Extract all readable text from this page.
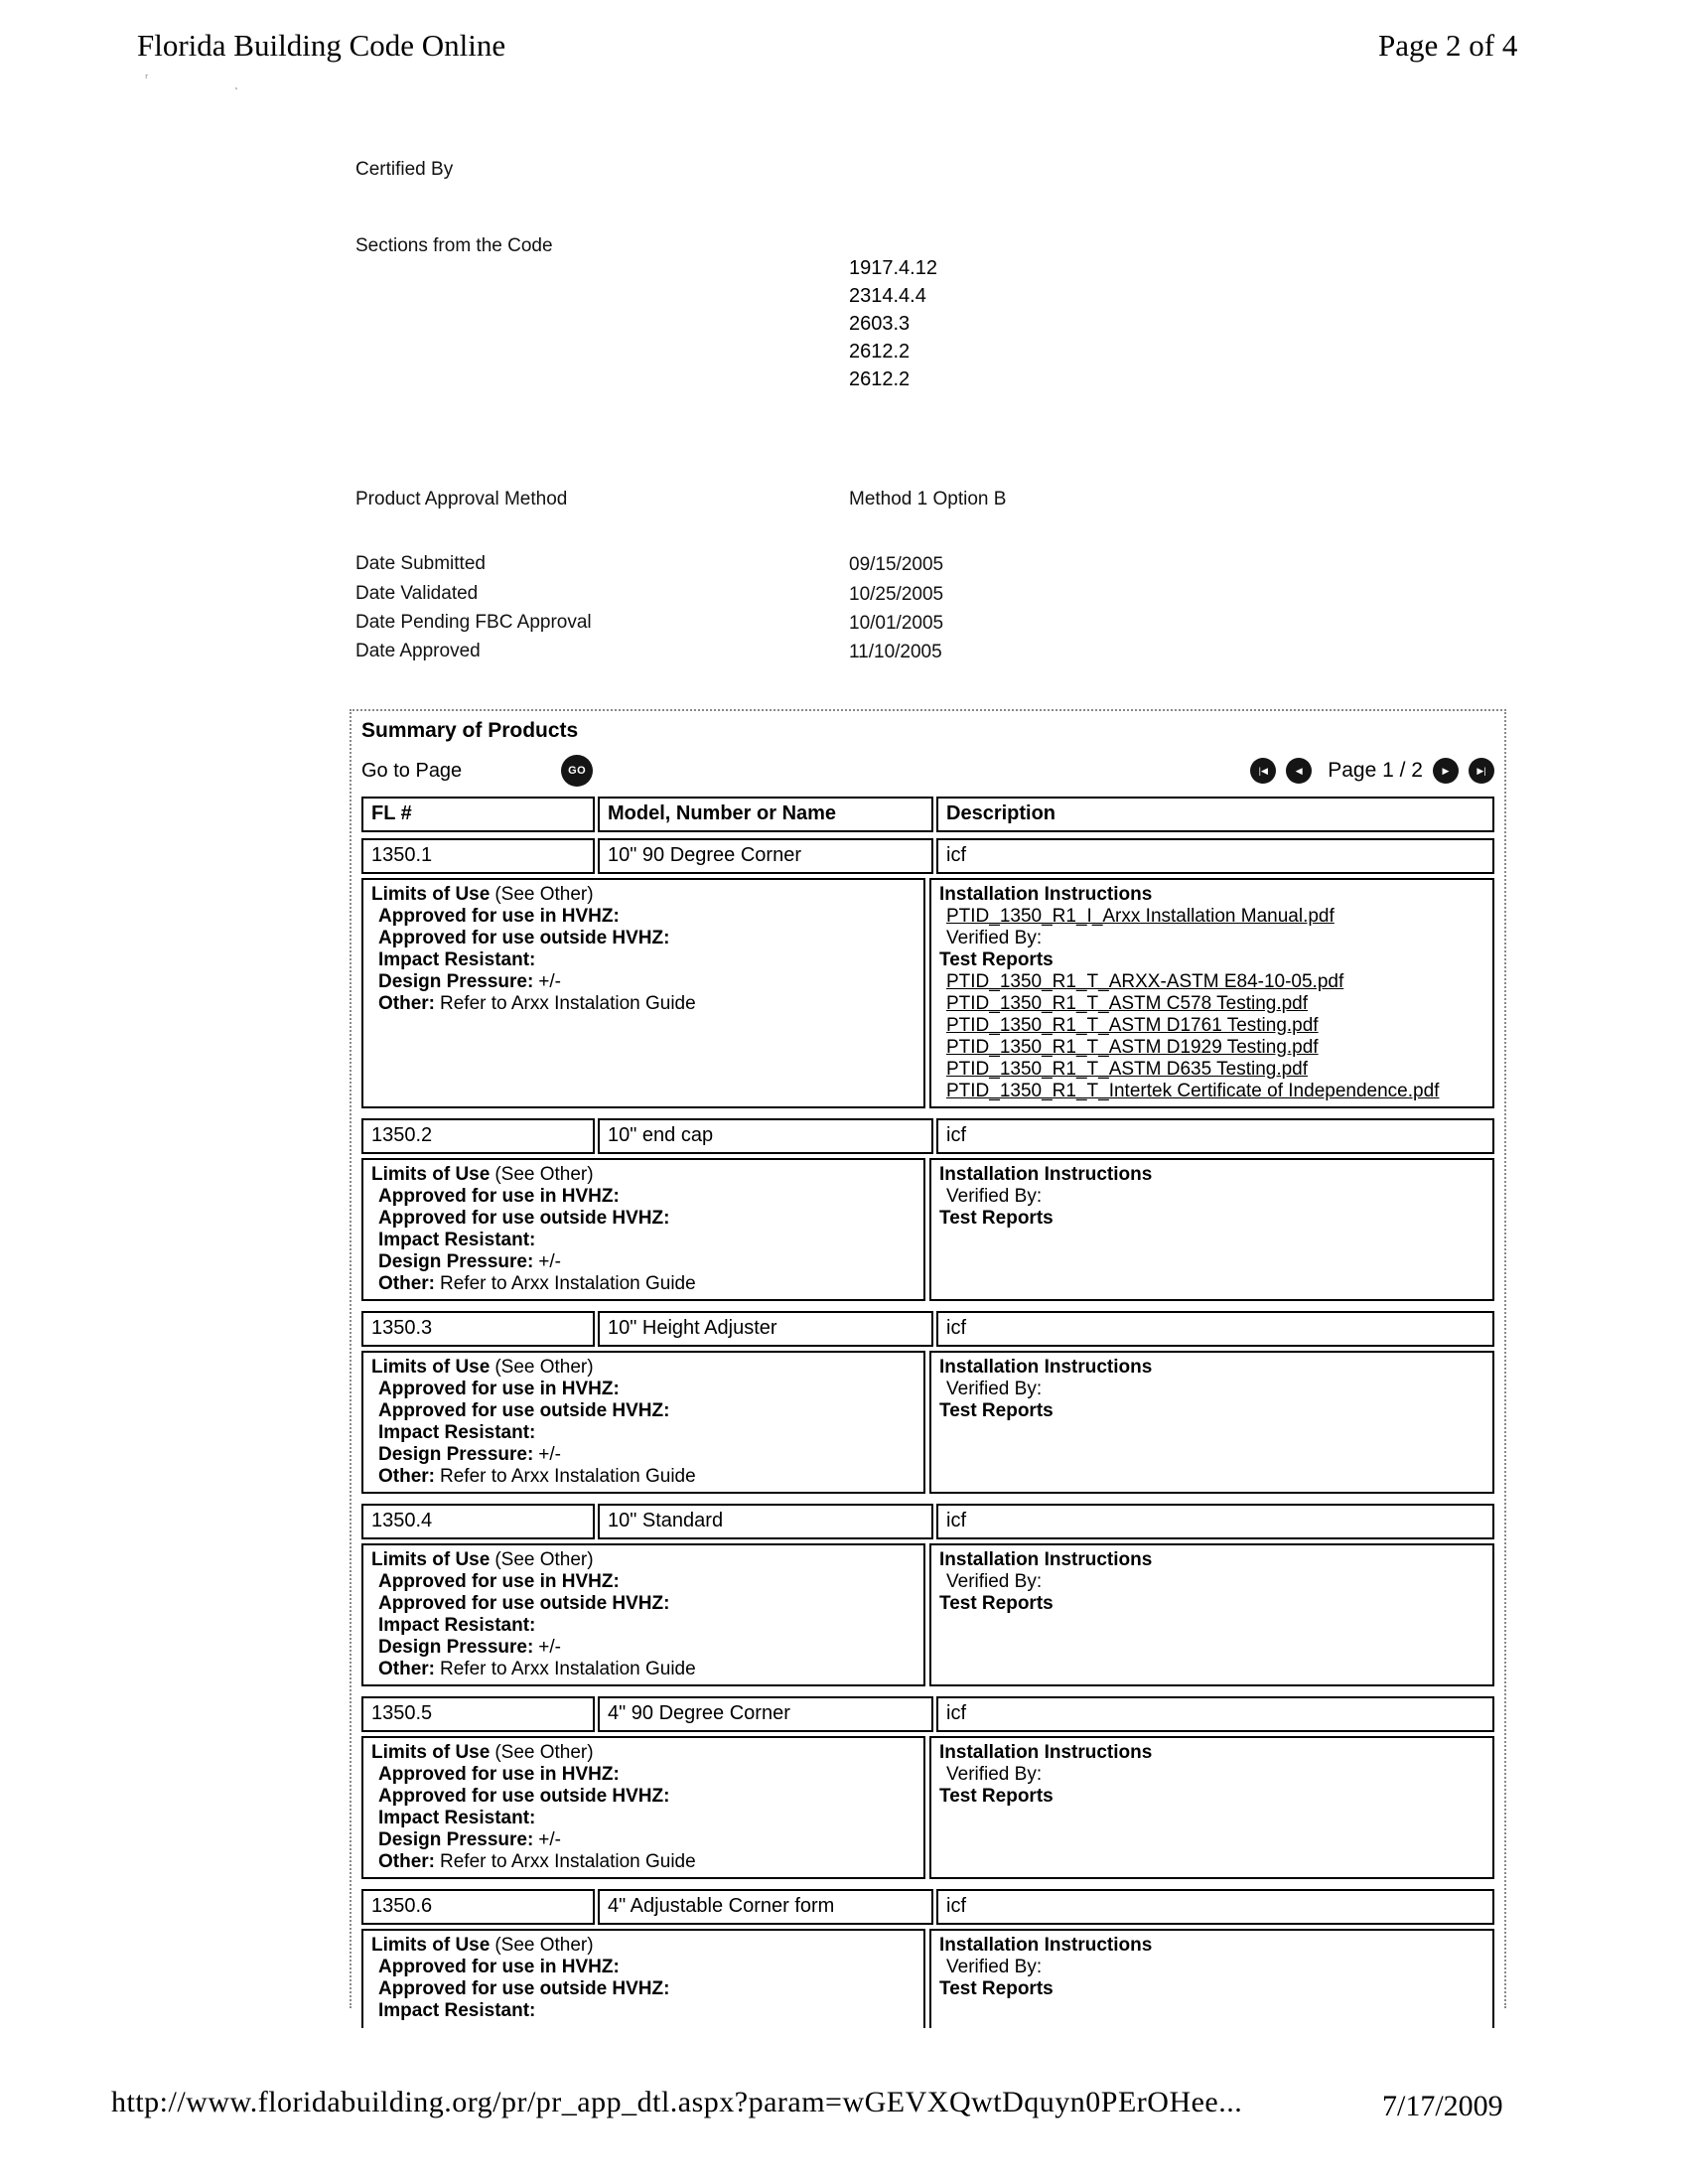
Florida Building Code Online	Page 2 of 4
ʳ	ͺ
Certified By
Sections from the Code
1917.4.12
2314.4.4
2603.3
2612.2
2612.2
Product Approval Method	Method 1 Option B
Date Submitted	09/15/2005
Date Validated	10/25/2005
Date Pending FBC Approval	10/01/2005
Date Approved	11/10/2005
Summary of Products
Go to Page	GO	|◀	◀	Page 1 / 2	▶	▶|
FL #	Model, Number or Name	Description
1350.1	10" 90 Degree Corner	icf
Limits of Use (See Other)
Approved for use in HVHZ:
Approved for use outside HVHZ:
Impact Resistant:
Design Pressure: +/-
Other: Refer to Arxx Instalation Guide
Installation Instructions
PTID_1350_R1_I_Arxx Installation Manual.pdf
Verified By:
Test Reports
PTID_1350_R1_T_ARXX-ASTM E84-10-05.pdf
PTID_1350_R1_T_ASTM C578 Testing.pdf
PTID_1350_R1_T_ASTM D1761 Testing.pdf
PTID_1350_R1_T_ASTM D1929 Testing.pdf
PTID_1350_R1_T_ASTM D635 Testing.pdf
PTID_1350_R1_T_Intertek Certificate of Independence.pdf
1350.2	10" end cap	icf
Limits of Use (See Other)
Approved for use in HVHZ:
Approved for use outside HVHZ:
Impact Resistant:
Design Pressure: +/-
Other: Refer to Arxx Instalation Guide
Installation Instructions
Verified By:
Test Reports
1350.3	10" Height Adjuster	icf
Limits of Use (See Other)
Approved for use in HVHZ:
Approved for use outside HVHZ:
Impact Resistant:
Design Pressure: +/-
Other: Refer to Arxx Instalation Guide
Installation Instructions
Verified By:
Test Reports
1350.4	10" Standard	icf
Limits of Use (See Other)
Approved for use in HVHZ:
Approved for use outside HVHZ:
Impact Resistant:
Design Pressure: +/-
Other: Refer to Arxx Instalation Guide
Installation Instructions
Verified By:
Test Reports
1350.5	4" 90 Degree Corner	icf
Limits of Use (See Other)
Approved for use in HVHZ:
Approved for use outside HVHZ:
Impact Resistant:
Design Pressure: +/-
Other: Refer to Arxx Instalation Guide
Installation Instructions
Verified By:
Test Reports
1350.6	4" Adjustable Corner form	icf
Limits of Use (See Other)
Approved for use in HVHZ:
Approved for use outside HVHZ:
Impact Resistant:
Installation Instructions
Verified By:
Test Reports
http://www.floridabuilding.org/pr/pr_app_dtl.aspx?param=wGEVXQwtDquyn0PErOHee...	7/17/2009
